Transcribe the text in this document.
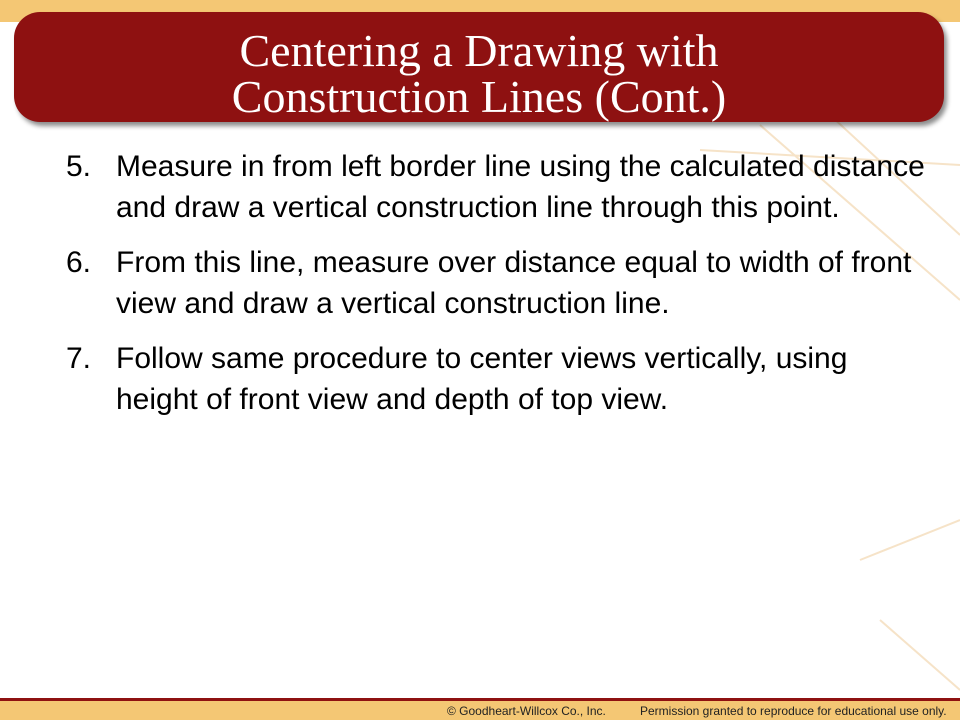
Centering a Drawing with
Construction Lines (Cont.)
5. Measure in from left border line using the calculated distance and draw a vertical construction line through this point.
6. From this line, measure over distance equal to width of front view and draw a vertical construction line.
7. Follow same procedure to center views vertically, using height of front view and depth of top view.
© Goodheart-Willcox Co., Inc.	Permission granted to reproduce for educational use only.
